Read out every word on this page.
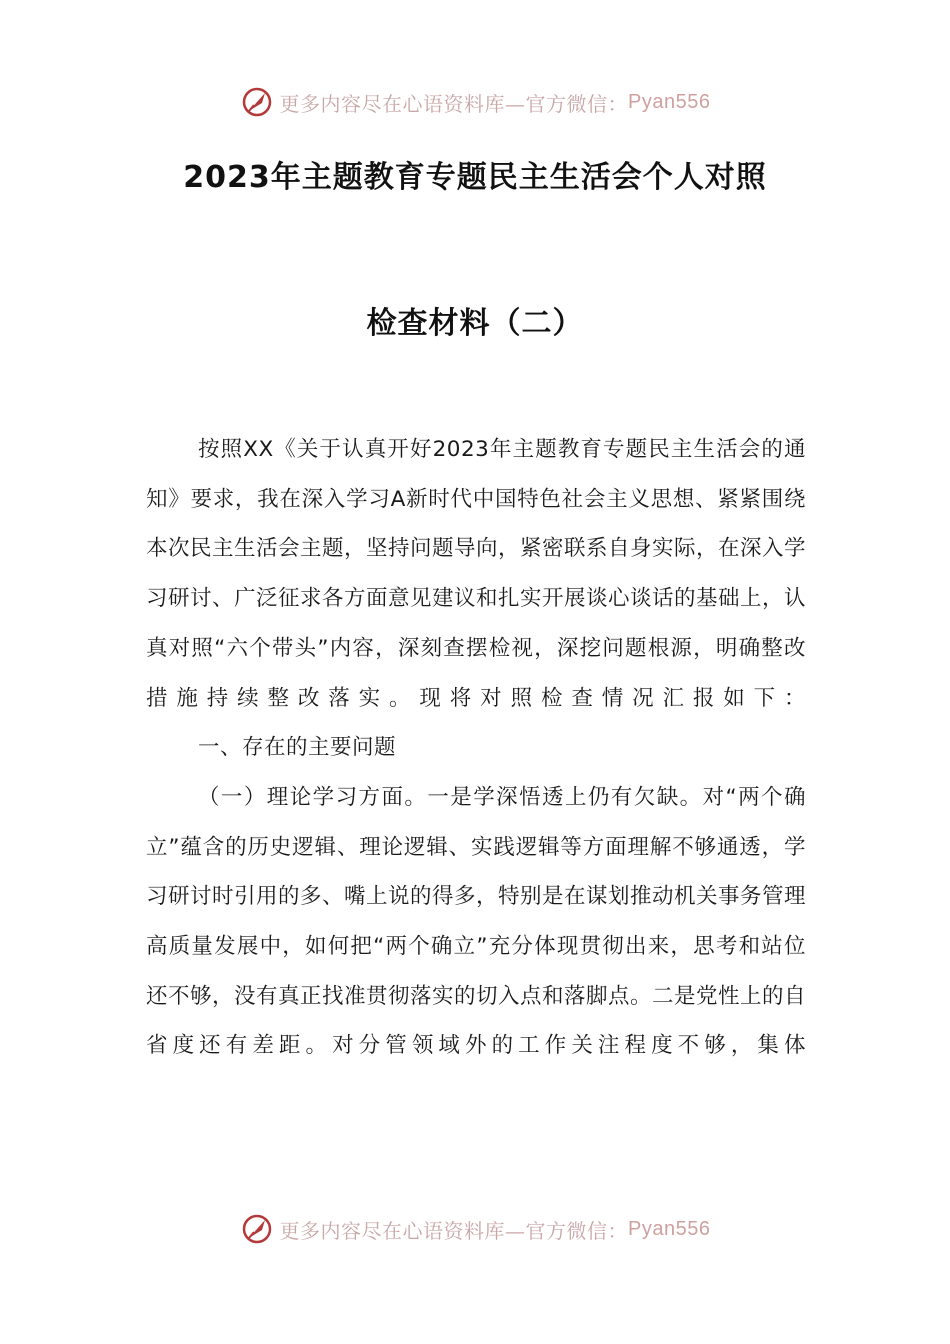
更多内容尽在心语资料库—官方微信： Pyan556
2023年主题教育专题民主生活会个人对照
检查材料（二）

按照XX《关于认真开好2023年主题教育专题民主生活会的通知》要求，我在深入学习A新时代中国特色社会主义思想、紧紧围绕本次民主生活会主题，坚持问题导向，紧密联系自身实际，在深入学习研讨、广泛征求各方面意见建议和扎实开展谈心谈话的基础上，认真对照“六个带头”内容，深刻查摆检视，深挖问题根源，明确整改措施持续整改落实。现将对照检查情况汇报如下：

一、存在的主要问题

（一）理论学习方面。一是学深悟透上仍有欠缺。对“两个确立”蕴含的历史逻辑、理论逻辑、实践逻辑等方面理解不够通透，学习研讨时引用的多、嘴上说的得多，特别是在谋划推动机关事务管理高质量发展中，如何把“两个确立”充分体现贯彻出来，思考和站位还不够，没有真正找准贯彻落实的切入点和落脚点。二是党性上的自省度还有差距。对分管领域外的工作关注程度不够，集体

更多内容尽在心语资料库—官方微信： Pyan556
